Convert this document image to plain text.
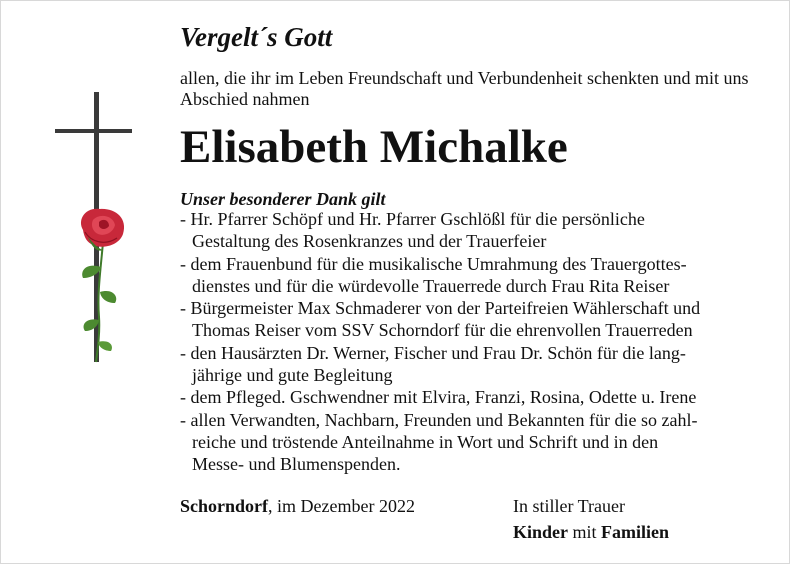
Vergelt´s Gott
allen, die ihr im Leben Freundschaft und Verbundenheit schenkten und mit uns Abschied nahmen
Elisabeth Michalke
Unser besonderer Dank gilt
- Hr. Pfarrer Schöpf und Hr. Pfarrer Gschlößl für die persönliche
Gestaltung des Rosenkranzes und der Trauerfeier
- dem Frauenbund für die musikalische Umrahmung des Trauergottes-
dienstes und für die würdevolle Trauerrede durch Frau Rita Reiser
- Bürgermeister Max Schmaderer von der Parteifreien Wählerschaft und
Thomas Reiser vom SSV Schorndorf für die ehrenvollen Trauerreden
- den Hausärzten Dr. Werner, Fischer und Frau Dr. Schön für die lang-
jährige und gute Begleitung
- dem Pfleged. Gschwendner mit Elvira, Franzi, Rosina, Odette u. Irene
- allen Verwandten, Nachbarn, Freunden und Bekannten für die so zahl-
reiche und tröstende Anteilnahme in Wort und Schrift und in den
Messe- und Blumenspenden.
Schorndorf, im Dezember 2022	In stiller Trauer
Kinder mit Familien
